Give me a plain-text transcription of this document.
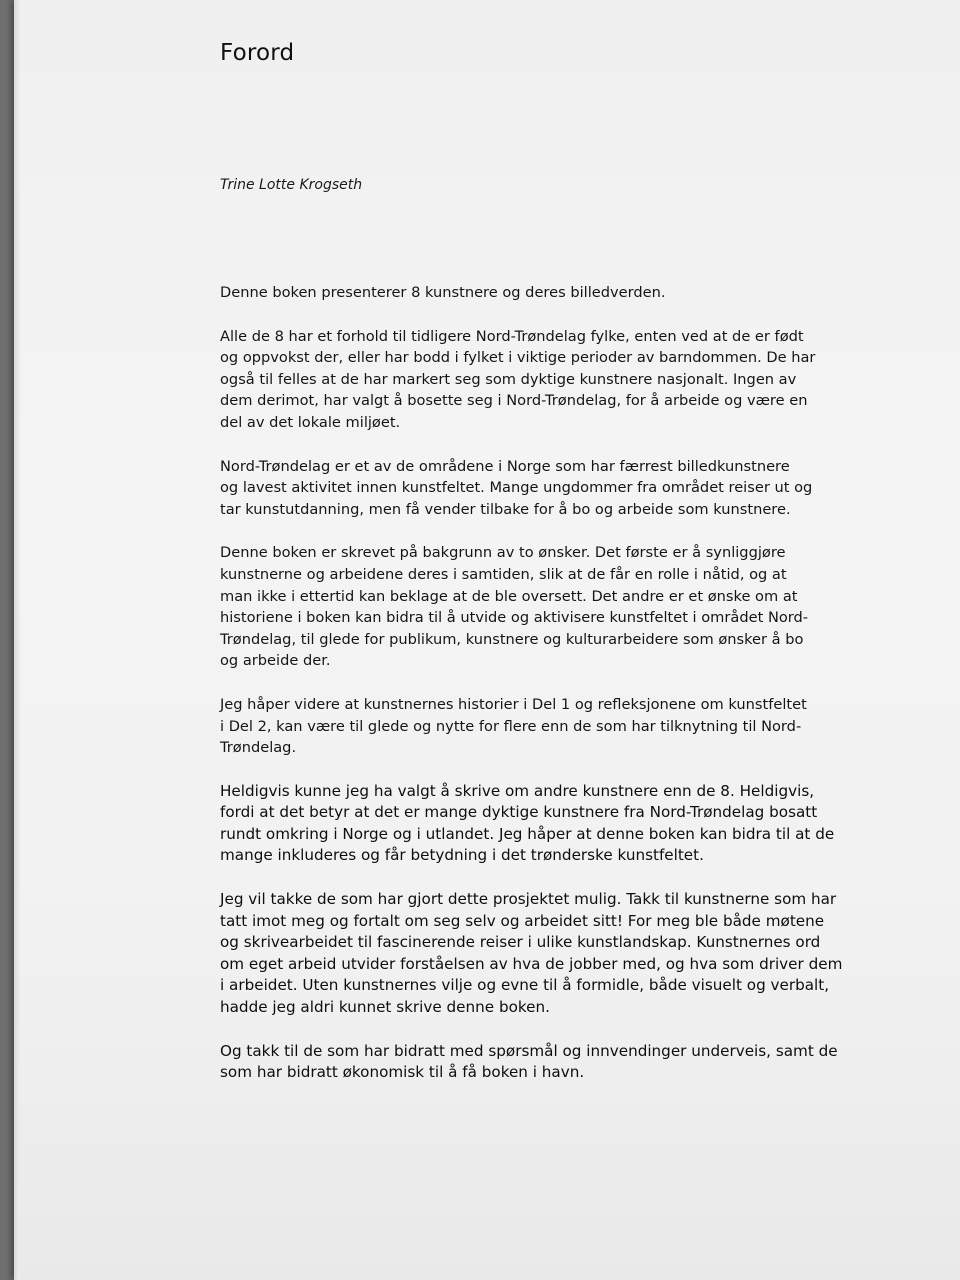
Forord
Trine Lotte Krogseth

Denne boken presenterer 8 kunstnere og deres billedverden.

Alle de 8 har et forhold til tidligere Nord-Trøndelag fylke, enten ved at de er født
og oppvokst der, eller har bodd i fylket i viktige perioder av barndommen. De har
også til felles at de har markert seg som dyktige kunstnere nasjonalt. Ingen av
dem derimot, har valgt å bosette seg i Nord-Trøndelag, for å arbeide og være en
del av det lokale miljøet.

Nord-Trøndelag er et av de områdene i Norge som har færrest billedkunstnere
og lavest aktivitet innen kunstfeltet. Mange ungdommer fra området reiser ut og
tar kunstutdanning, men få vender tilbake for å bo og arbeide som kunstnere.

Denne boken er skrevet på bakgrunn av to ønsker. Det første er å synliggjøre
kunstnerne og arbeidene deres i samtiden, slik at de får en rolle i nåtid, og at
man ikke i ettertid kan beklage at de ble oversett. Det andre er et ønske om at
historiene i boken kan bidra til å utvide og aktivisere kunstfeltet i området Nord-
Trøndelag, til glede for publikum, kunstnere og kulturarbeidere som ønsker å bo
og arbeide der.

Jeg håper videre at kunstnernes historier i Del 1 og refleksjonene om kunstfeltet
i Del 2, kan være til glede og nytte for flere enn de som har tilknytning til Nord-
Trøndelag.

Heldigvis kunne jeg ha valgt å skrive om andre kunstnere enn de 8. Heldigvis,
fordi at det betyr at det er mange dyktige kunstnere fra Nord-Trøndelag bosatt
rundt omkring i Norge og i utlandet. Jeg håper at denne boken kan bidra til at de
mange inkluderes og får betydning i det trønderske kunstfeltet.

Jeg vil takke de som har gjort dette prosjektet mulig. Takk til kunstnerne som har
tatt imot meg og fortalt om seg selv og arbeidet sitt! For meg ble både møtene
og skrivearbeidet til fascinerende reiser i ulike kunstlandskap. Kunstnernes ord
om eget arbeid utvider forståelsen av hva de jobber med, og hva som driver dem
i arbeidet. Uten kunstnernes vilje og evne til å formidle, både visuelt og verbalt,
hadde jeg aldri kunnet skrive denne boken.

Og takk til de som har bidratt med spørsmål og innvendinger underveis, samt de
som har bidratt økonomisk til å få boken i havn.
